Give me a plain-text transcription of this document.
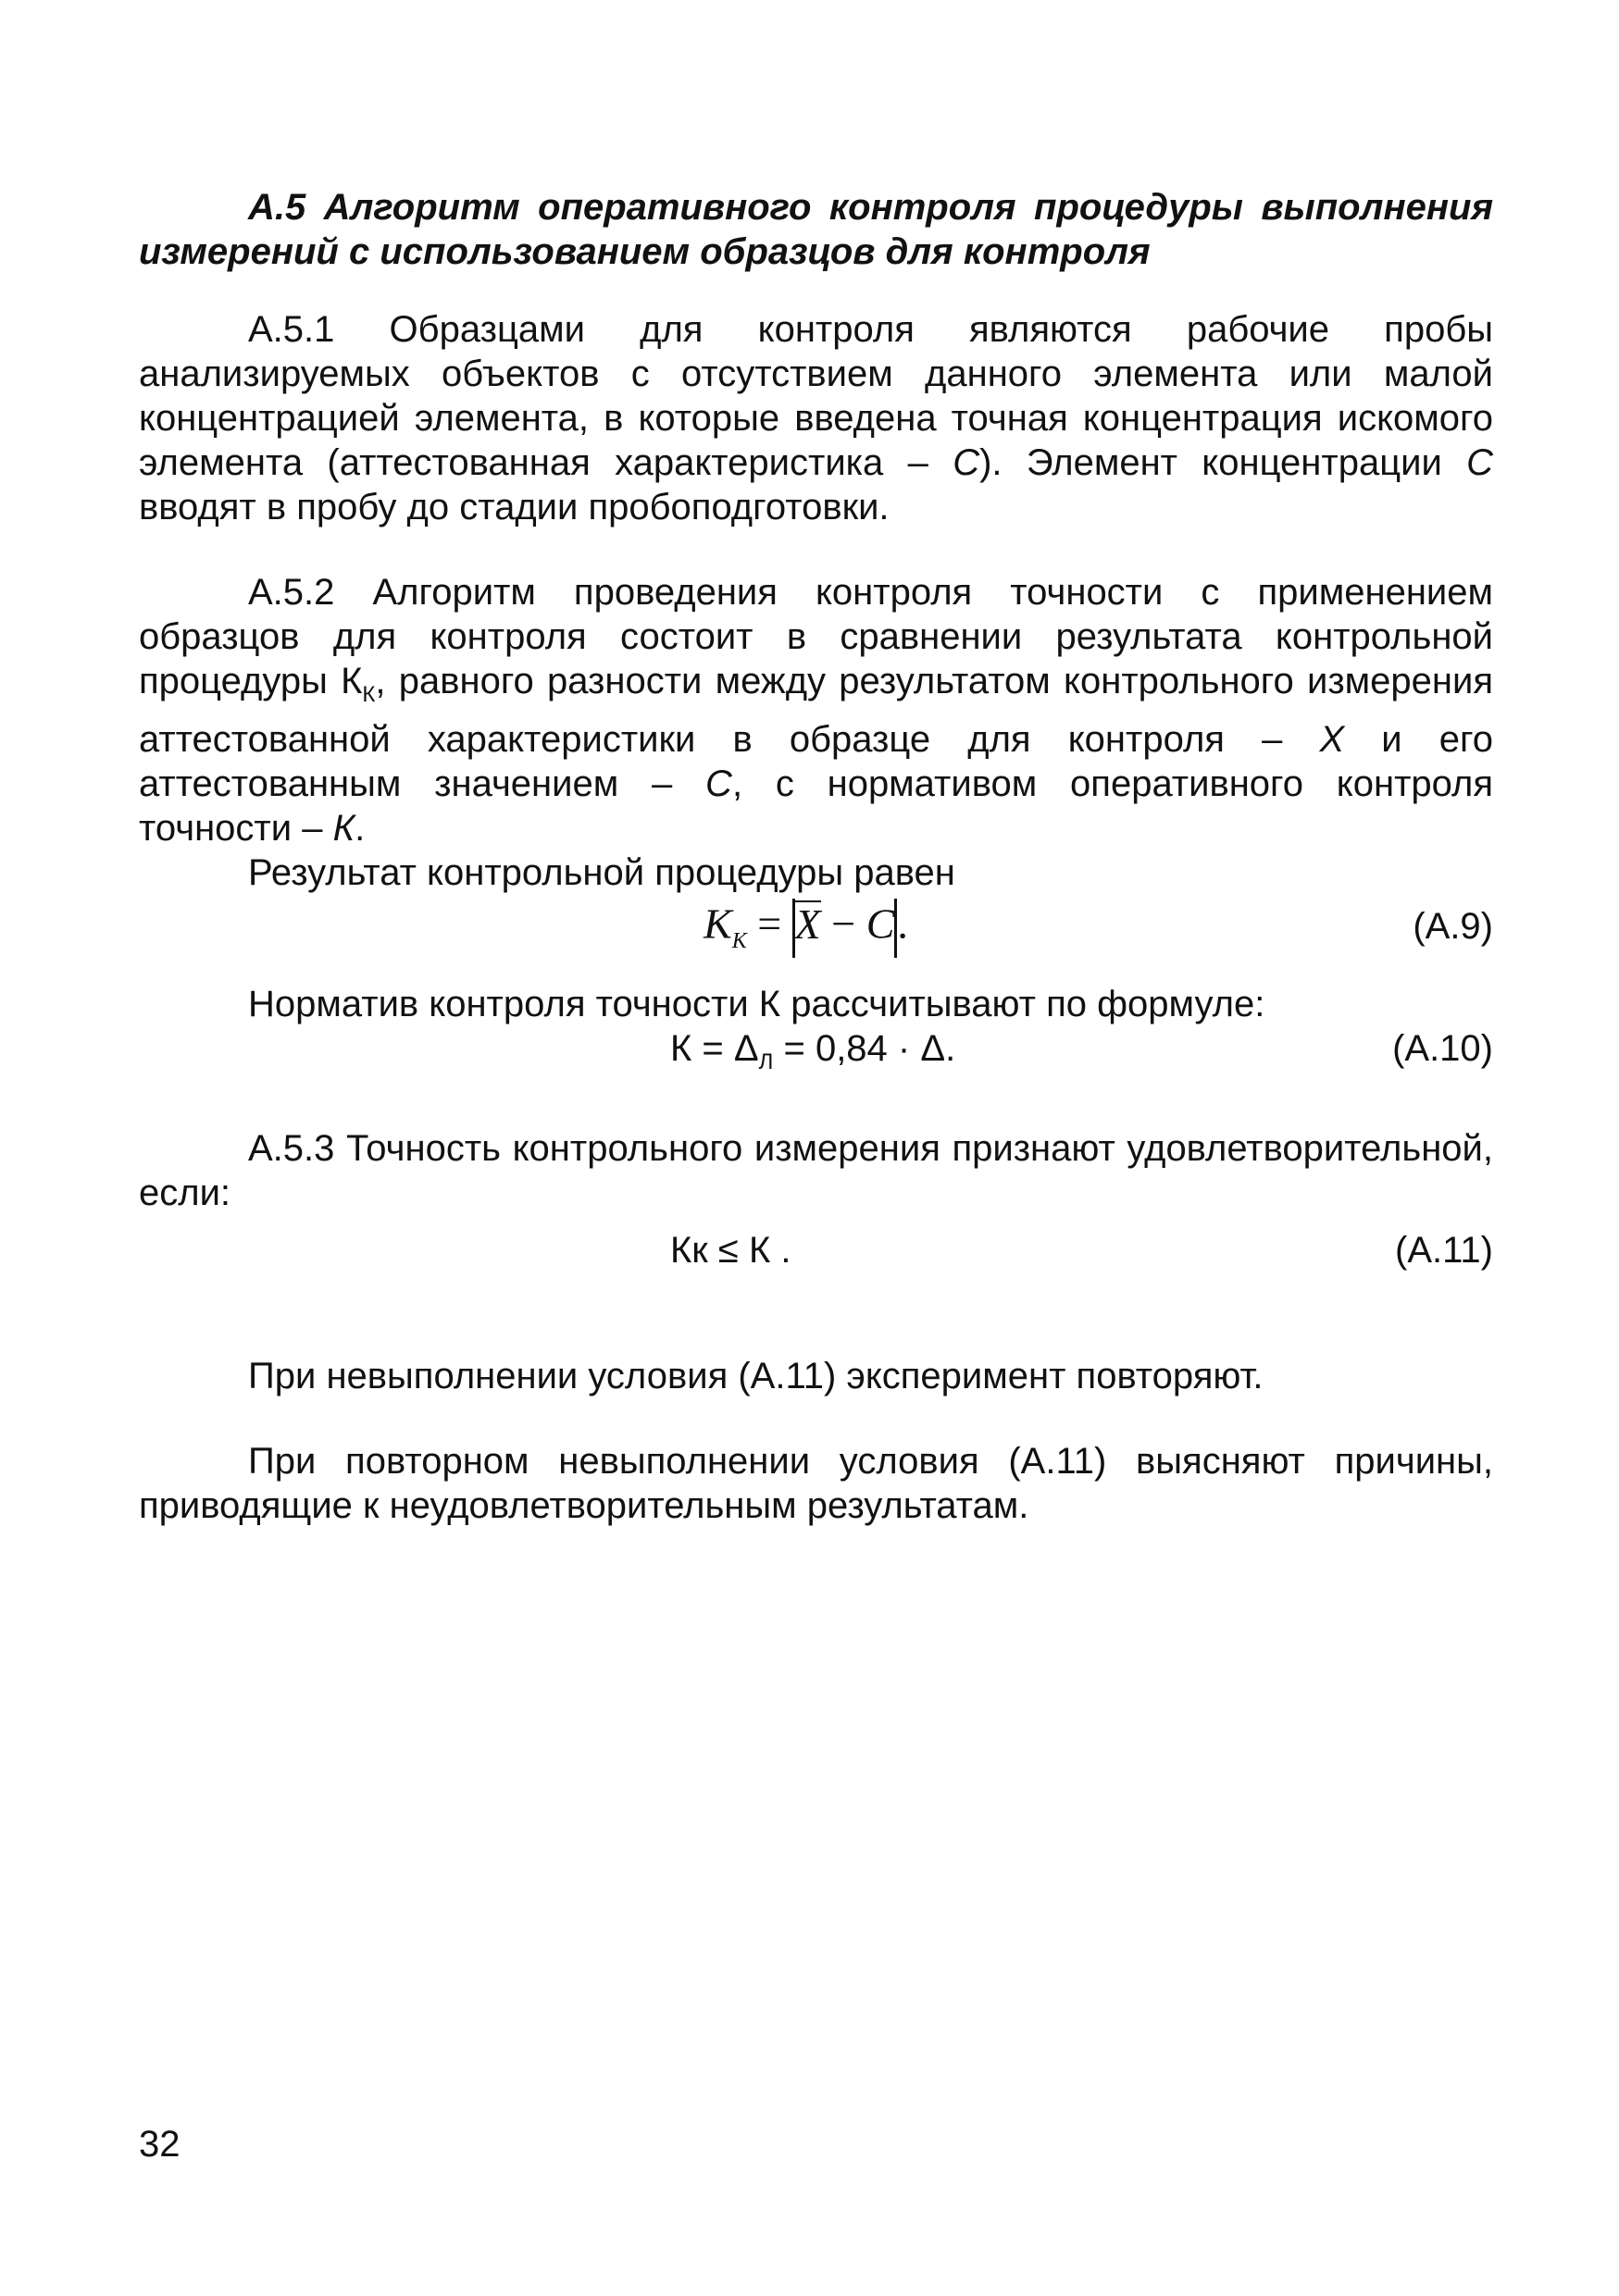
А.5 Алгоритм оперативного контроля процедуры выполнения измерений с использованием образцов для контроля

А.5.1 Образцами для контроля являются рабочие пробы анализируемых объектов с отсутствием данного элемента или малой концентрацией элемента, в которые введена точная концентрация искомого элемента (аттестованная характеристика – С). Элемент концентрации С вводят в пробу до стадии пробоподготовки.

А.5.2 Алгоритм проведения контроля точности с применением образцов для контроля состоит в сравнении результата контрольной процедуры $К_К$, равного разности между результатом контрольного измерения аттестованной характеристики в образце для контроля – Х и его аттестованным значением – С, с нормативом оперативного контроля точности – К.

Результат контрольной процедуры равен

$K_K = X - C$.	(А.9)

Норматив контроля точности К рассчитывают по формуле:

$К = \Delta_Л = 0,84 \cdot \Delta$.	(А.10)

А.5.3 Точность контрольного измерения признают удовлетворительной, если:

Кк ≤ К .	(А.11)

При невыполнении условия (А.11) эксперимент повторяют.

При повторном невыполнении условия (А.11) выясняют причины, приводящие к неудовлетворительным результатам.

32
